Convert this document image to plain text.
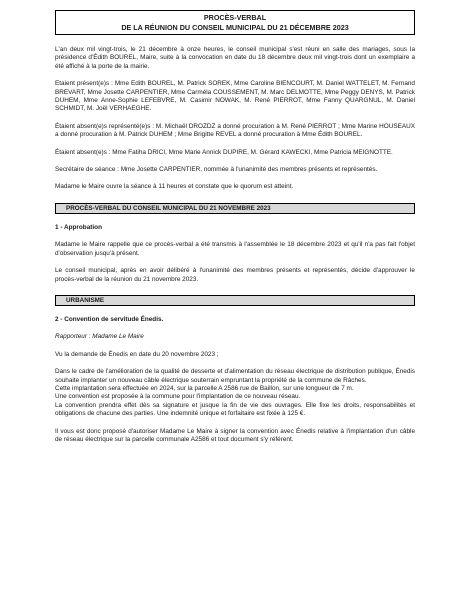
PROCÈS-VERBAL
DE LA RÉUNION DU CONSEIL MUNICIPAL DU 21 DÉCEMBRE 2023

L'an deux mil vingt-trois, le 21 décembre à onze heures, le conseil municipal s'est réuni en salle des mariages, sous la présidence d'Édith BOUREL, Maire, suite à la convocation en date du 18 décembre deux mil vingt-trois dont un exemplaire a été affiché à la porte de la mairie.

Etaient présent(e)s : Mme Edith BOUREL, M. Patrick SOREK, Mme Caroline BIENCOURT, M. Daniel WATTELET, M. Fernand BREVART, Mme Josette CARPENTIER, Mme Carméla COUSSEMENT, M. Marc DELMOTTE, Mme Peggy DENYS, M. Patrick DUHEM, Mme Anne-Sophie LEFEBVRE, M. Casimir NOWAK, M. René PIERROT, Mme Fanny QUARGNUL, M. Daniel SCHMIDT, M. Joël VERHAEGHE.

Étaient absent(e)s représenté(e)s : M. Michaël DROZDZ a donné procuration à M. René PIERROT ; Mme Marine HOUSEAUX a donné procuration à M. Patrick DUHEM ; Mme Brigitte REVEL a donné procuration à Mme Édith BOUREL.

Étaient absent(e)s : Mme Fatiha DRICI, Mme Marie Annick DUPIRE, M. Gérard KAWECKI, Mme Patricia MEIGNOTTE.

Secrétaire de séance : Mme Josette CARPENTIER, nommée à l'unanimité des membres présents et représentés.

Madame le Maire ouvre la séance à 11 heures et constate que le quorum est atteint.

PROCÈS-VERBAL DU CONSEIL MUNICIPAL DU 21 NOVEMBRE 2023
1 - Approbation

Madame le Maire rappelle que ce procès-verbal a été transmis à l'assemblée le 18 décembre 2023 et qu'il n'a pas fait l'objet d'observation jusqu'à présent.

Le conseil municipal, après en avoir délibéré à l'unanimité des membres présents et représentés, décide d'approuver le procès-verbal de la réunion du 21 novembre 2023.

URBANISME
2 - Convention de servitude Énedis.

Rapporteur : Madame Le Maire

Vu la demande de Énedis en date du 20 novembre 2023 ;

Dans le cadre de l'amélioration de la qualité de desserte et d'alimentation du réseau électrique de distribution publique, Énedis souhaite implanter un nouveau câble électrique souterrain empruntant la propriété de la commune de Râches.

Cette implantation sera effectuée en 2024, sur la parcelle A 2586 rue de Baillon, sur une longueur de 7 m.

Une convention est proposée à la commune pour l'implantation de ce nouveau réseau.

La convention prendra effet dès sa signature et jusque la fin de vie des ouvrages. Elle fixe les droits, responsabilités et obligations de chacune des parties. Une indemnité unique et forfaitaire est fixée à 125 €.

Il vous est donc proposé d'autoriser Madame Le Maire à signer la convention avec Énedis relative à l'implantation d'un câble de réseau électrique sur la parcelle communale A2586 et tout document s'y référent.
